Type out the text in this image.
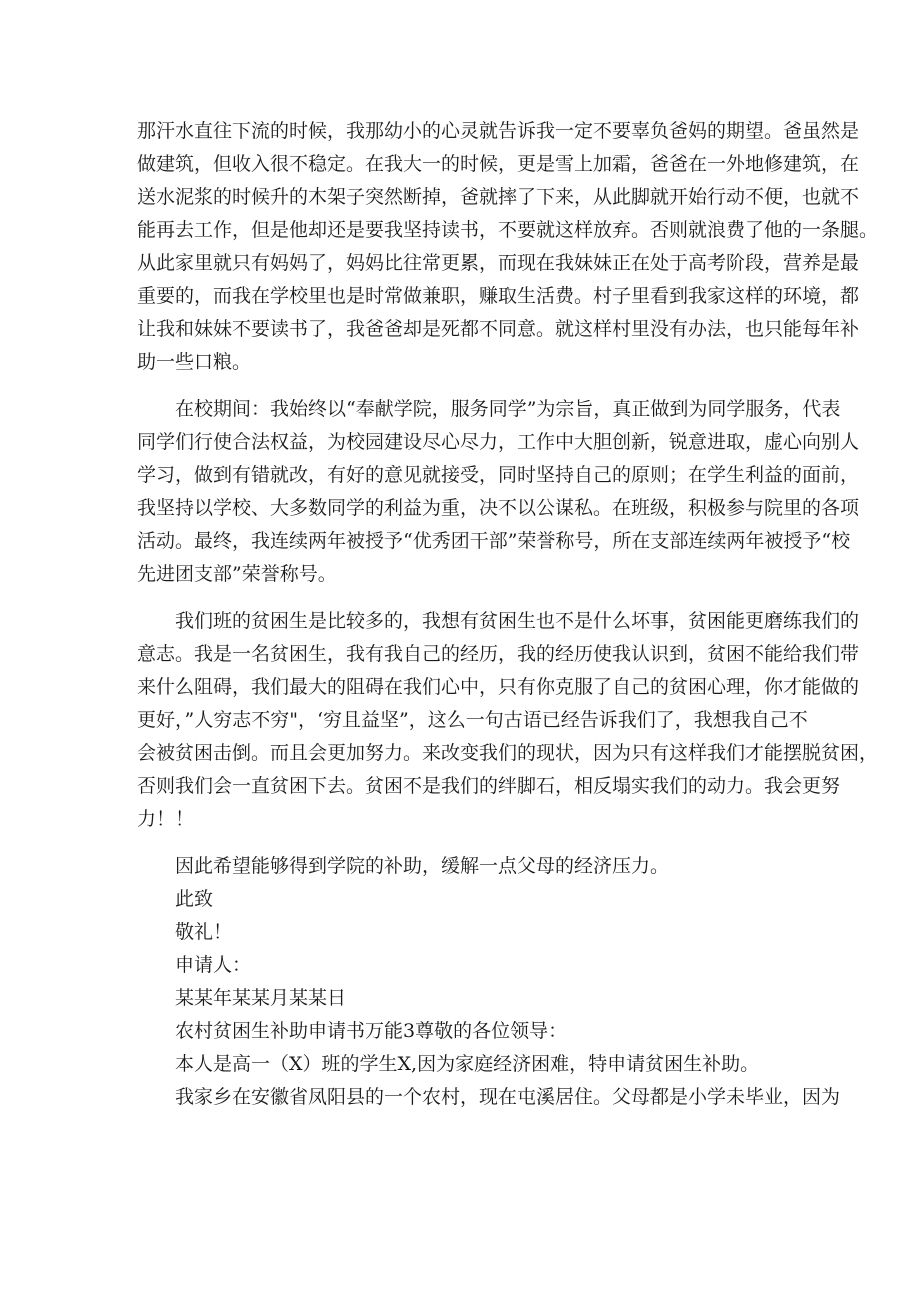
那汗水直往下流的时候，我那幼小的心灵就告诉我一定不要辜负爸妈的期望。爸虽然是
做建筑，但收入很不稳定。在我大一的时候，更是雪上加霜，爸爸在一外地修建筑，在
送水泥浆的时候升的木架子突然断掉，爸就摔了下来，从此脚就开始行动不便，也就不
能再去工作，但是他却还是要我坚持读书，不要就这样放弃。否则就浪费了他的一条腿。
从此家里就只有妈妈了，妈妈比往常更累，而现在我妹妹正在处于高考阶段，营养是最
重要的，而我在学校里也是时常做兼职，赚取生活费。村子里看到我家这样的环境，都
让我和妹妹不要读书了，我爸爸却是死都不同意。就这样村里没有办法，也只能每年补
助一些口粮。
在校期间：我始终以“奉献学院，服务同学”为宗旨，真正做到为同学服务，代表
同学们行使合法权益，为校园建设尽心尽力，工作中大胆创新，锐意进取，虚心向别人
学习，做到有错就改，有好的意见就接受，同时坚持自己的原则；在学生利益的面前，
我坚持以学校、大多数同学的利益为重，决不以公谋私。在班级，积极参与院里的各项
活动。最终，我连续两年被授予“优秀团干部”荣誉称号，所在支部连续两年被授予“校
先进团支部”荣誉称号。
我们班的贫困生是比较多的，我想有贫困生也不是什么坏事，贫困能更磨练我们的
意志。我是一名贫困生，我有我自己的经历，我的经历使我认识到，贫困不能给我们带
来什么阻碍，我们最大的阻碍在我们心中，只有你克服了自己的贫困心理，你才能做的
更好，”人穷志不穷"，‘穷且益坚”，这么一句古语已经告诉我们了，我想我自己不
会被贫困击倒。而且会更加努力。来改变我们的现状，因为只有这样我们才能摆脱贫困，
否则我们会一直贫困下去。贫困不是我们的绊脚石，相反塌实我们的动力。我会更努
力！！

因此希望能够得到学院的补助，缓解一点父母的经济压力。

此致

敬礼！

申请人：

某某年某某月某某日

农村贫困生补助申请书万能3尊敬的各位领导：

本人是高一（X）班的学生X,因为家庭经济困难，特申请贫困生补助。

我家乡在安徽省凤阳县的一个农村，现在屯溪居住。父母都是小学未毕业，因为
